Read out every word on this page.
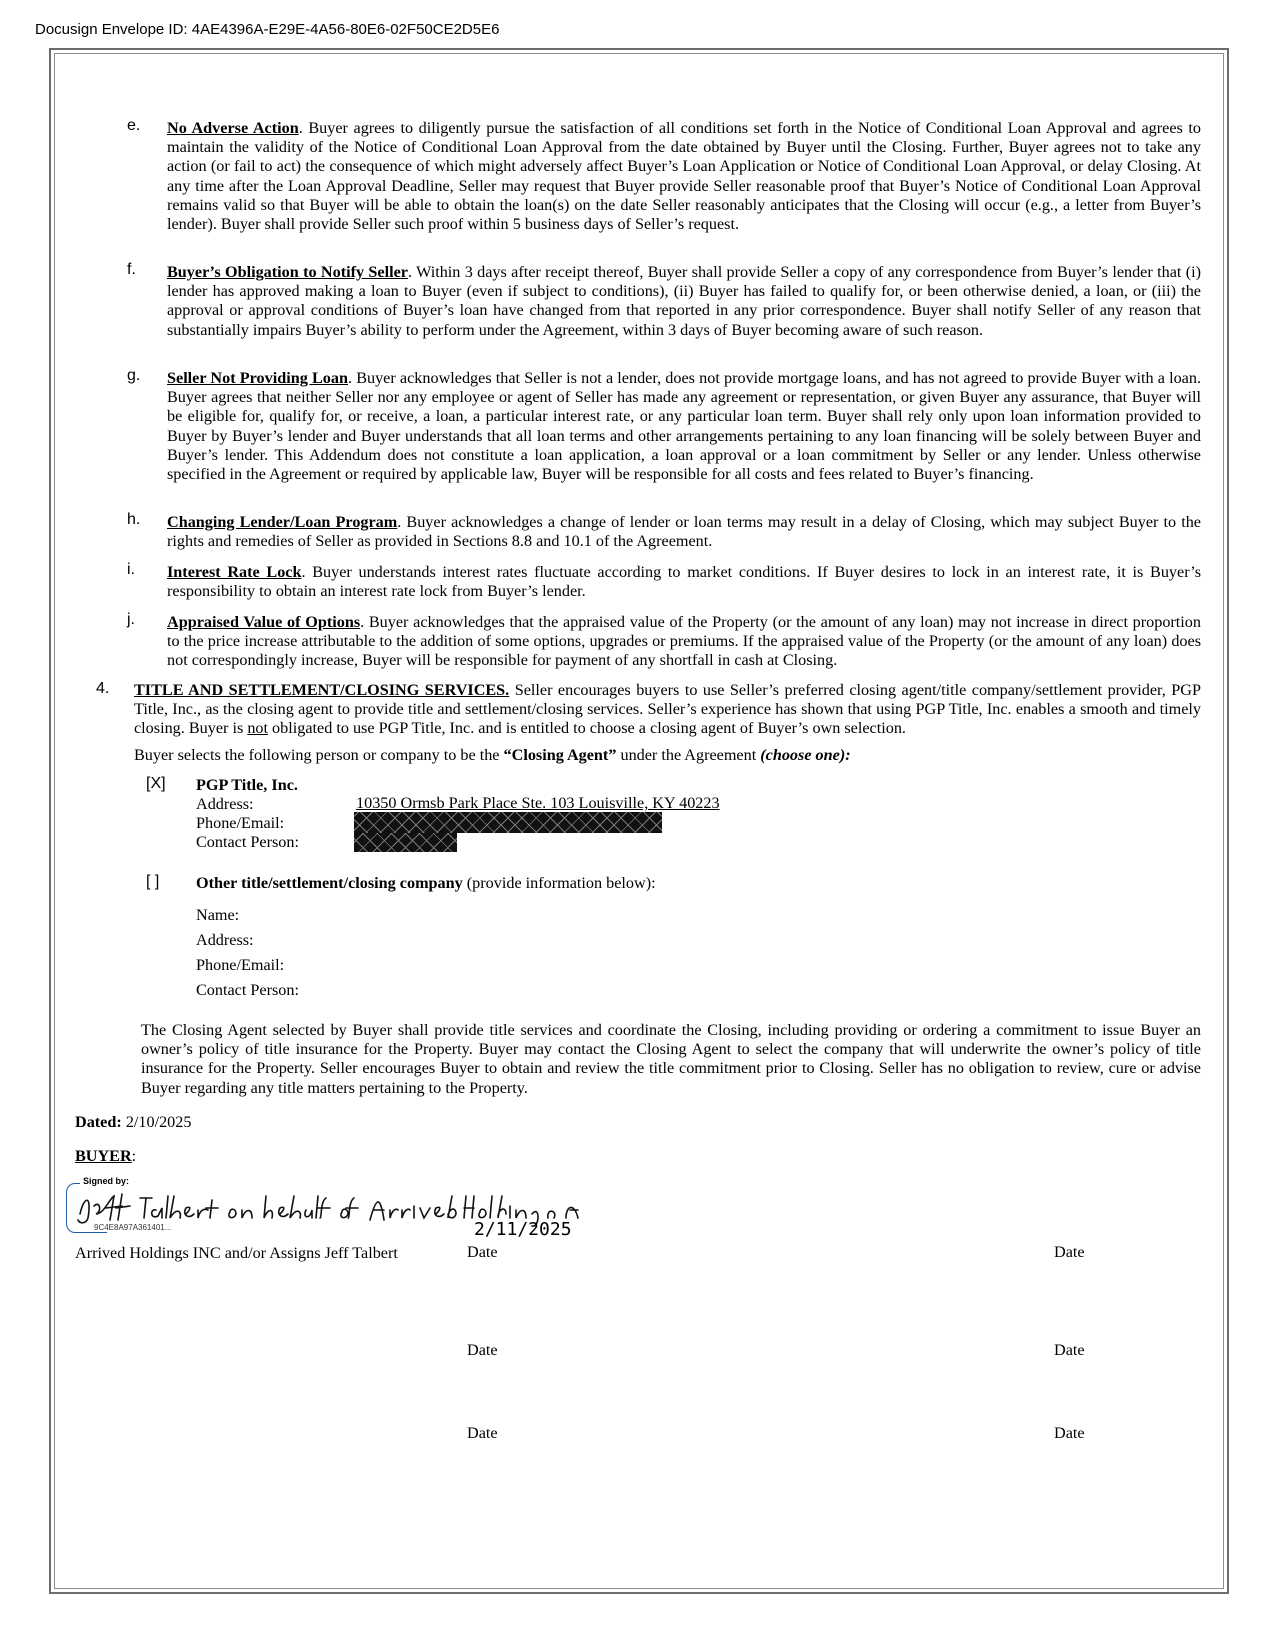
Docusign Envelope ID: 4AE4396A-E29E-4A56-80E6-02F50CE2D5E6
e. No Adverse Action. Buyer agrees to diligently pursue the satisfaction of all conditions set forth in the Notice of Conditional Loan Approval and agrees to maintain the validity of the Notice of Conditional Loan Approval from the date obtained by Buyer until the Closing. Further, Buyer agrees not to take any action (or fail to act) the consequence of which might adversely affect Buyer’s Loan Application or Notice of Conditional Loan Approval, or delay Closing. At any time after the Loan Approval Deadline, Seller may request that Buyer provide Seller reasonable proof that Buyer’s Notice of Conditional Loan Approval remains valid so that Buyer will be able to obtain the loan(s) on the date Seller reasonably anticipates that the Closing will occur (e.g., a letter from Buyer’s lender). Buyer shall provide Seller such proof within 5 business days of Seller’s request.
f. Buyer’s Obligation to Notify Seller. Within 3 days after receipt thereof, Buyer shall provide Seller a copy of any correspondence from Buyer’s lender that (i) lender has approved making a loan to Buyer (even if subject to conditions), (ii) Buyer has failed to qualify for, or been otherwise denied, a loan, or (iii) the approval or approval conditions of Buyer’s loan have changed from that reported in any prior correspondence. Buyer shall notify Seller of any reason that substantially impairs Buyer’s ability to perform under the Agreement, within 3 days of Buyer becoming aware of such reason.
g. Seller Not Providing Loan. Buyer acknowledges that Seller is not a lender, does not provide mortgage loans, and has not agreed to provide Buyer with a loan. Buyer agrees that neither Seller nor any employee or agent of Seller has made any agreement or representation, or given Buyer any assurance, that Buyer will be eligible for, qualify for, or receive, a loan, a particular interest rate, or any particular loan term. Buyer shall rely only upon loan information provided to Buyer by Buyer’s lender and Buyer understands that all loan terms and other arrangements pertaining to any loan financing will be solely between Buyer and Buyer’s lender. This Addendum does not constitute a loan application, a loan approval or a loan commitment by Seller or any lender. Unless otherwise specified in the Agreement or required by applicable law, Buyer will be responsible for all costs and fees related to Buyer’s financing.
h. Changing Lender/Loan Program. Buyer acknowledges a change of lender or loan terms may result in a delay of Closing, which may subject Buyer to the rights and remedies of Seller as provided in Sections 8.8 and 10.1 of the Agreement.
i. Interest Rate Lock. Buyer understands interest rates fluctuate according to market conditions. If Buyer desires to lock in an interest rate, it is Buyer’s responsibility to obtain an interest rate lock from Buyer’s lender.
j. Appraised Value of Options. Buyer acknowledges that the appraised value of the Property (or the amount of any loan) may not increase in direct proportion to the price increase attributable to the addition of some options, upgrades or premiums. If the appraised value of the Property (or the amount of any loan) does not correspondingly increase, Buyer will be responsible for payment of any shortfall in cash at Closing.
4. TITLE AND SETTLEMENT/CLOSING SERVICES. Seller encourages buyers to use Seller’s preferred closing agent/title company/settlement provider, PGP Title, Inc., as the closing agent to provide title and settlement/closing services. Seller’s experience has shown that using PGP Title, Inc. enables a smooth and timely closing. Buyer is not obligated to use PGP Title, Inc. and is entitled to choose a closing agent of Buyer’s own selection.
Buyer selects the following person or company to be the “Closing Agent” under the Agreement (choose one):
[X] PGP Title, Inc.
Address:	10350 Ormsb Park Place Ste. 103 Louisville, KY 40223
Phone/Email:
Contact Person:
[ ] Other title/settlement/closing company (provide information below):
Name:
Address:
Phone/Email:
Contact Person:
The Closing Agent selected by Buyer shall provide title services and coordinate the Closing, including providing or ordering a commitment to issue Buyer an owner’s policy of title insurance for the Property. Buyer may contact the Closing Agent to select the company that will underwrite the owner’s policy of title insurance for the Property. Seller encourages Buyer to obtain and review the title commitment prior to Closing. Seller has no obligation to review, cure or advise Buyer regarding any title matters pertaining to the Property.
Dated: 2/10/2025
BUYER:
Signed by:
9C4E8A97A361401...	2/11/2025
Arrived Holdings INC and/or Assigns Jeff Talbert	Date	Date
Date	Date
Date	Date
